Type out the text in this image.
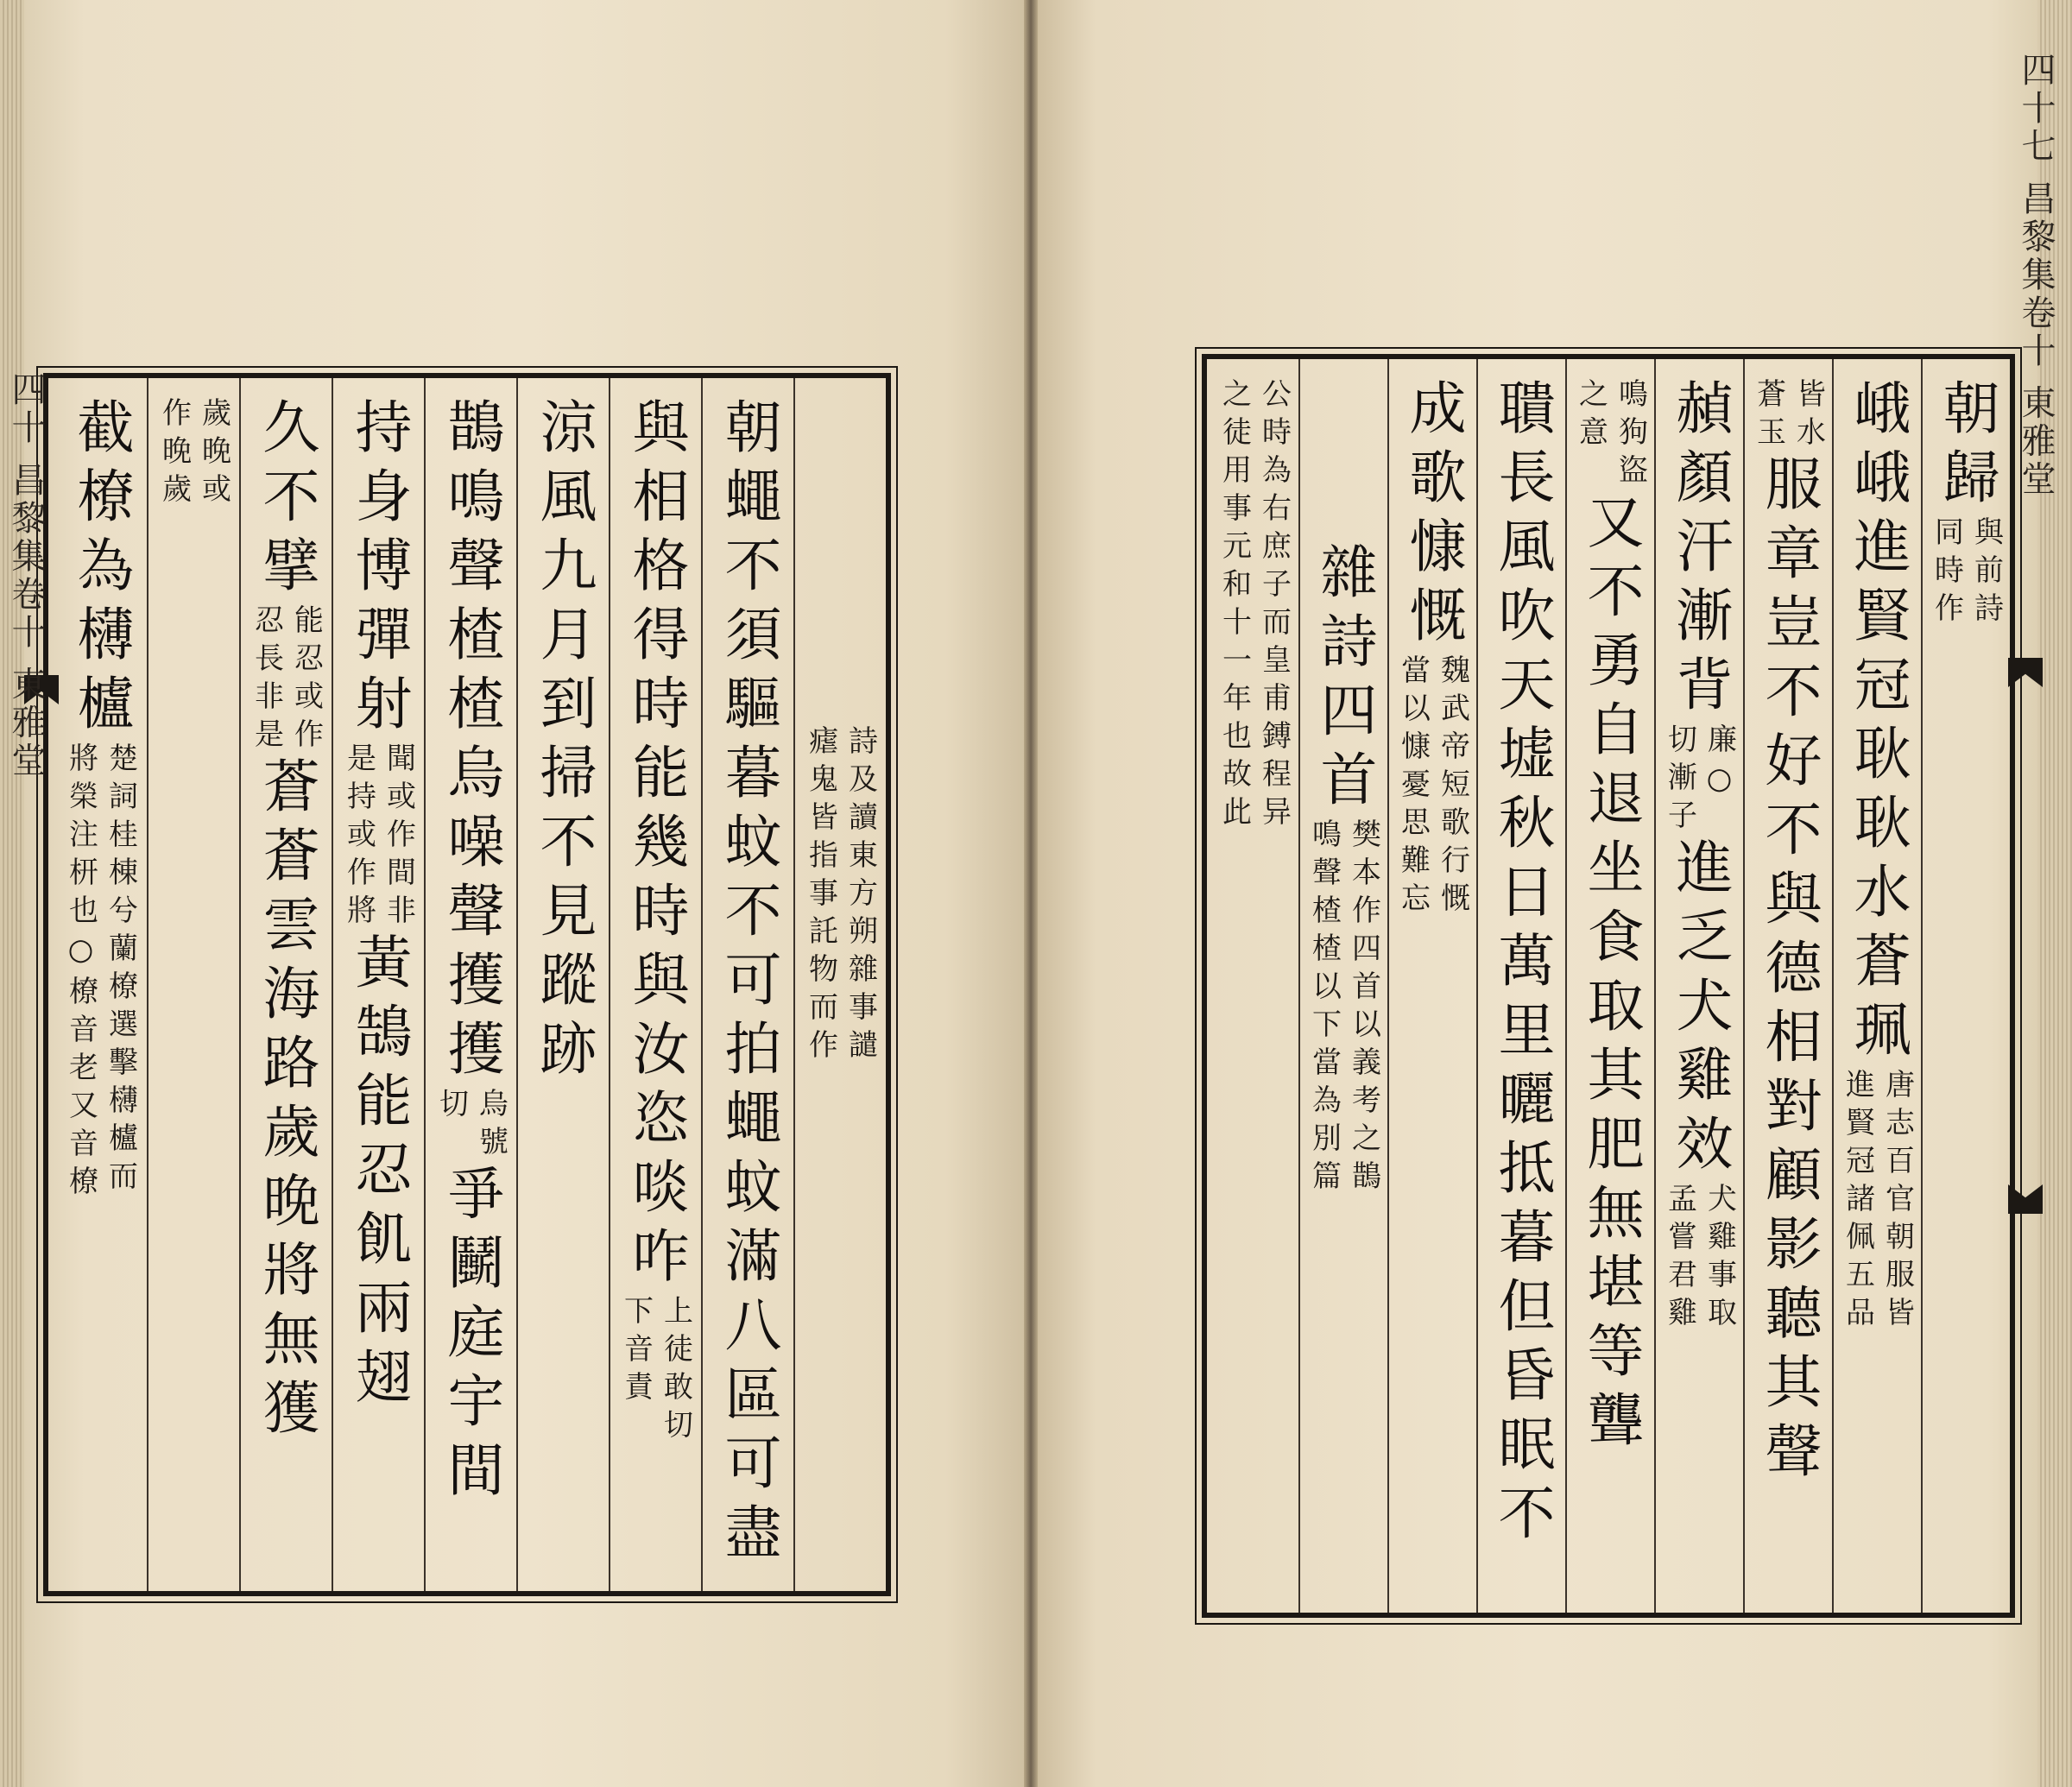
詩及讀東方朔雜事譴
瘧鬼皆指事託物而作
朝蠅不須驅暮蚊不可拍蠅蚊滿八區可盡
與相格得時能幾時與汝恣啖咋
上徒敢切
下音責
涼風九月到掃不見蹤跡
鵲鳴聲楂楂烏噪聲擭擭
烏號
切
爭鬭庭宇間
持身博彈射
聞或作間非
是持或作將
黃鵠能忍飢兩翅
久不擘
能忍或作
忍長非是
蒼蒼雲海路歲晚將無獲
歲晚或
作晚歲
截橑為欂櫨
楚詞桂棟兮蘭橑選擊欂櫨而
將榮注枅也○橑音老又音橑
朝歸
與前詩
同時作
峨峨進賢冠耿耿水蒼珮
唐志百官朝服皆
進賢冠諸佩五品
皆水
蒼玉
服章豈不好不與德相對顧影聽其聲
赬顏汗漸背
廉○
切漸子
進乏犬雞效
犬雞事取
孟嘗君雞
鳴狗盜
之意
又不勇自退坐食取其肥無堪等聾
聵長風吹天墟秋日萬里曬抵暮但昏眠不
成歌慷慨
魏武帝短歌行慨
當以慷憂思難忘
雜詩四首
樊本作四首以義考之鵲
鳴聲楂楂以下當為別篇
公時為右庶子而皇甫鎛程异
之徒用事元和十一年也故此
四十 昌黎集卷十 東雅堂
四十七 昌黎集卷十 東雅堂
